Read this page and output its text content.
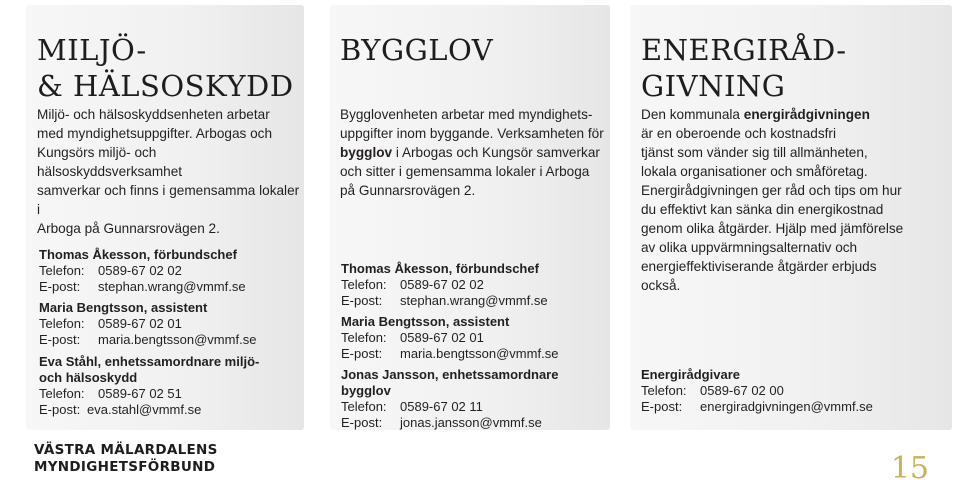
MILJÖ-
& HÄLSOSKYDD

Miljö- och hälsoskyddsenheten arbetar
med myndighetsuppgifter. Arbogas och
Kungsörs miljö- och hälsoskyddsverksamhet
samverkar och finns i gemensamma lokaler i
Arboga på Gunnarsrovägen 2.

Thomas Åkesson, förbundschef
Telefon: 0589-67 02 02
E-post: stephan.wrang@vmmf.se
Maria Bengtsson, assistent
Telefon: 0589-67 02 01
E-post: maria.bengtsson@vmmf.se
Eva Ståhl, enhetssamordnare miljö-
och hälsoskydd
Telefon: 0589-67 02 51
E-post: eva.stahl@vmmf.se
BYGGLOV

Bygglovenheten arbetar med myndighets-
uppgifter inom byggande. Verksamheten för
bygglov i Arbogas och Kungsör samverkar
och sitter i gemensamma lokaler i Arboga
på Gunnarsrovägen 2.

Thomas Åkesson, förbundschef
Telefon: 0589-67 02 02
E-post: stephan.wrang@vmmf.se
Maria Bengtsson, assistent
Telefon: 0589-67 02 01
E-post: maria.bengtsson@vmmf.se
Jonas Jansson, enhetssamordnare bygglov
Telefon: 0589-67 02 11
E-post: jonas.jansson@vmmf.se
ENERGIRÅD-
GIVNING

Den kommunala energirådgivningen
är en oberoende och kostnadsfri
tjänst som vänder sig till allmänheten,
lokala organisationer och småföretag.
Energirådgivningen ger råd och tips om hur
du effektivt kan sänka din energikostnad
genom olika åtgärder. Hjälp med jämförelse
av olika uppvärmningsalternativ och
energieffektiviserande åtgärder erbjuds
också.

Energirådgivare
Telefon: 0589-67 02 00
E-post: energiradgivningen@vmmf.se
VÄSTRA MÄLARDALENS
MYNDIGHETSFÖRBUND	15
